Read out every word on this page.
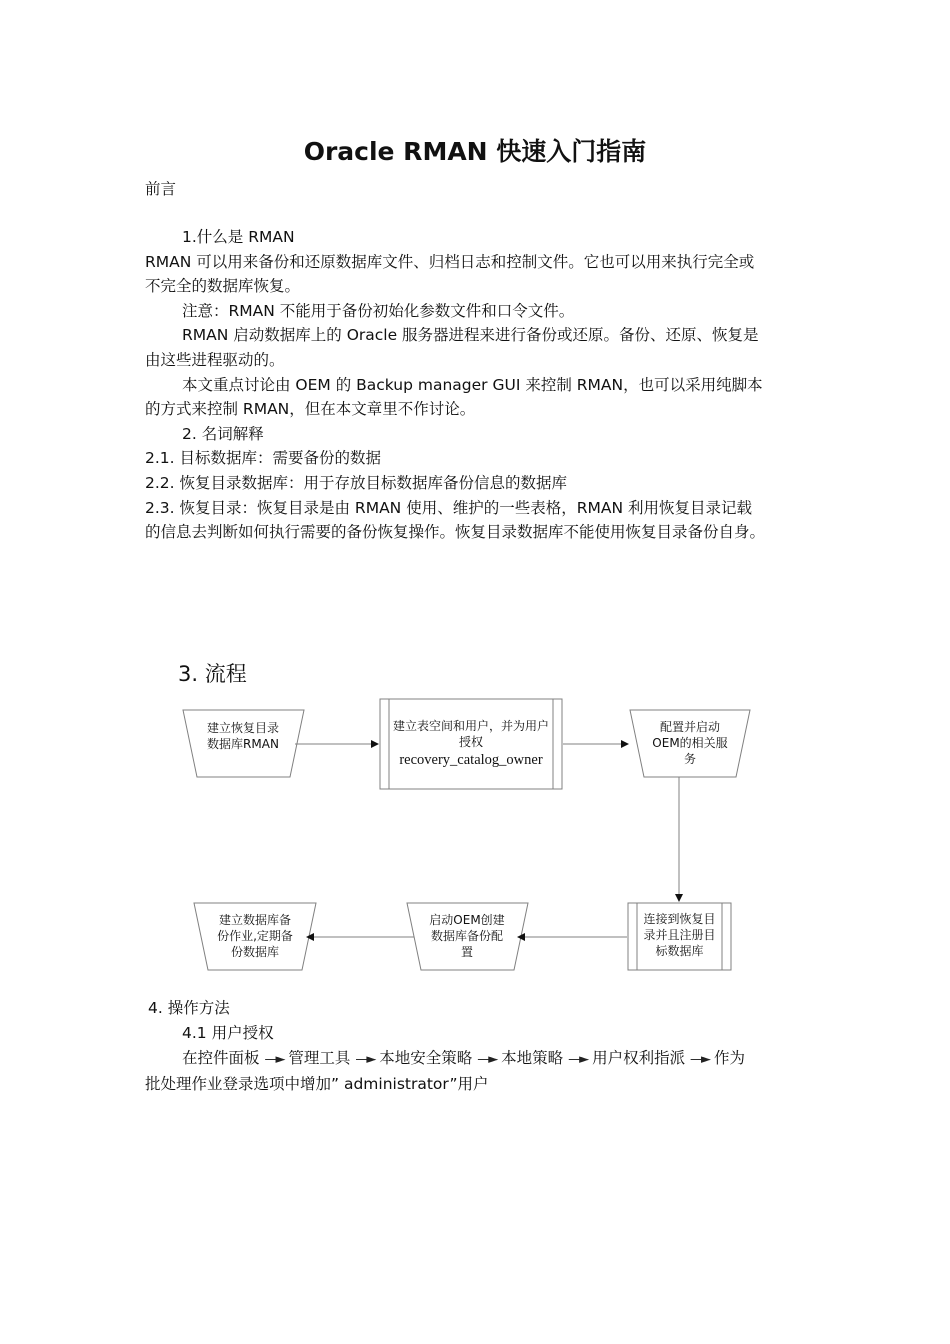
Oracle RMAN 快速入门指南
前言
1.什么是 RMAN
RMAN 可以用来备份和还原数据库文件、归档日志和控制文件。它也可以用来执行完全或
不完全的数据库恢复。
注意：RMAN 不能用于备份初始化参数文件和口令文件。
RMAN 启动数据库上的 Oracle 服务器进程来进行备份或还原。备份、还原、恢复是
由这些进程驱动的。
本文重点讨论由 OEM 的 Backup manager GUI 来控制 RMAN，也可以采用纯脚本
的方式来控制 RMAN，但在本文章里不作讨论。
2. 名词解释
2.1. 目标数据库：需要备份的数据
2.2. 恢复目录数据库：用于存放目标数据库备份信息的数据库
2.3. 恢复目录：恢复目录是由 RMAN 使用、维护的一些表格，RMAN 利用恢复目录记载
的信息去判断如何执行需要的备份恢复操作。恢复目录数据库不能使用恢复目录备份自身。
3. 流程
建立恢复目录
数据库RMAN
建立表空间和用户，并为用户
授权
recovery_catalog_owner
配置并启动
OEM的相关服
务
连接到恢复目
录并且注册目
标数据库
启动OEM创建
数据库备份配
置
建立数据库备
份作业,定期备
份数据库
4. 操作方法
4.1 用户授权
在控件面板 —► 管理工具 —► 本地安全策略 —► 本地策略 —► 用户权利指派 —► 作为
批处理作业登录选项中增加” administrator”用户
